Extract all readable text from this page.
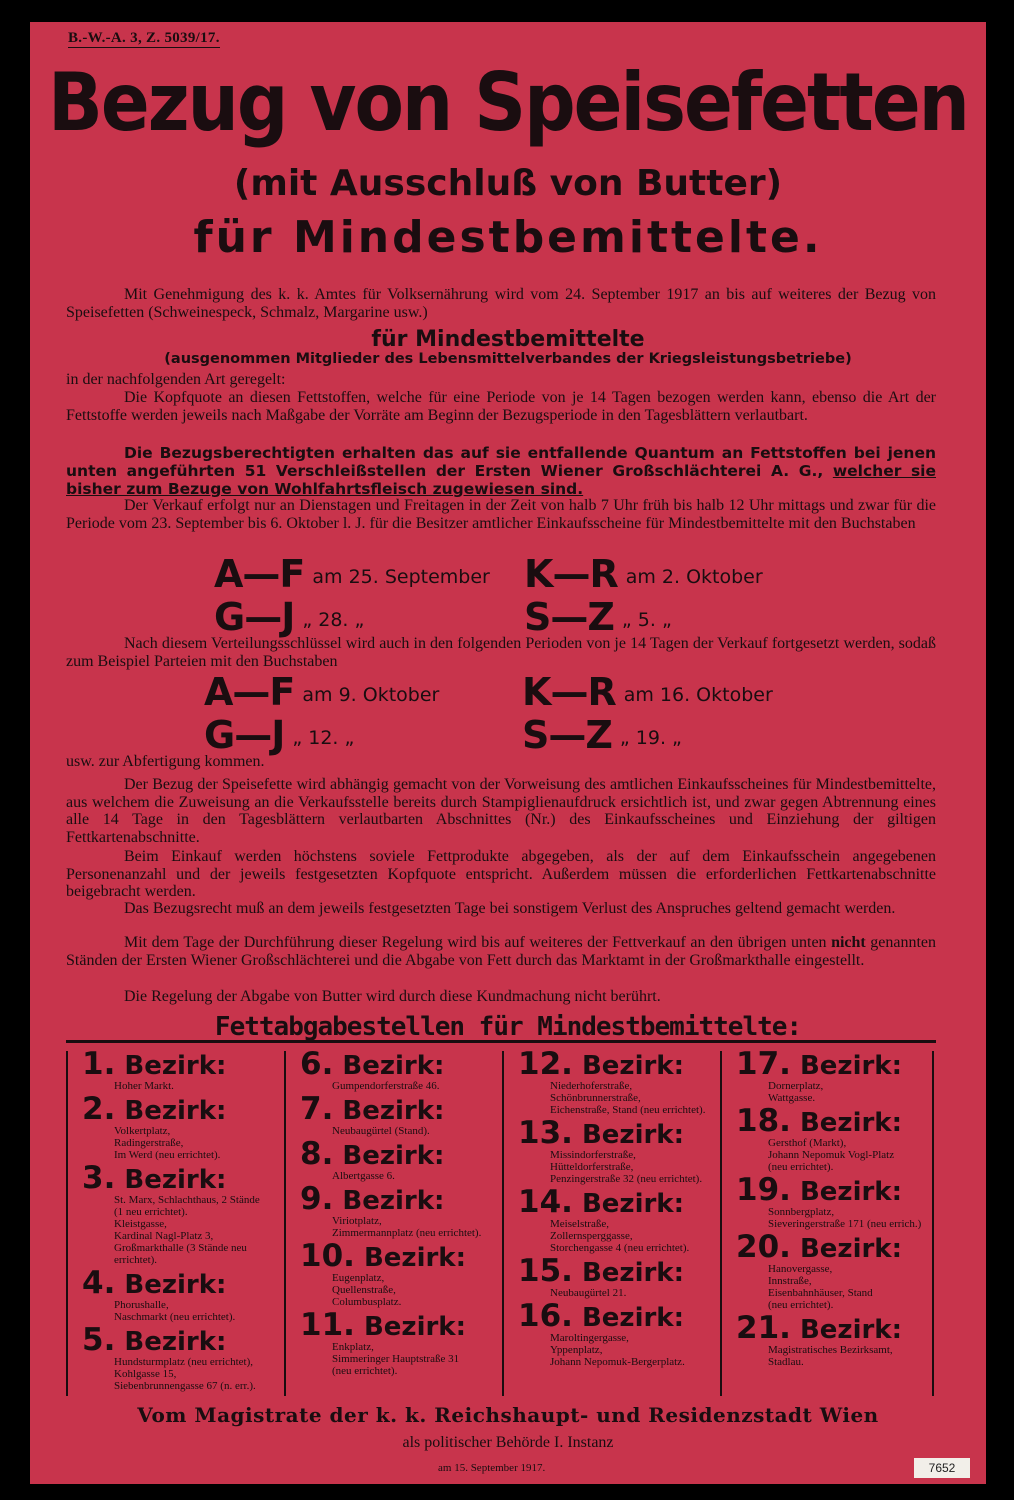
B.-W.-A. 3, Z. 5039/17.
Bezug von Speisefetten
(mit Ausschluß von Butter)
für Mindestbemittelte.
Mit Genehmigung des k. k. Amtes für Volksernährung wird vom 24. September 1917 an bis auf weiteres der Bezug von Speisefetten (Schweinespeck, Schmalz, Margarine usw.)
für Mindestbemittelte
(ausgenommen Mitglieder des Lebensmittelverbandes der Kriegsleistungsbetriebe)
in der nachfolgenden Art geregelt:
Die Kopfquote an diesen Fettstoffen, welche für eine Periode von je 14 Tagen bezogen werden kann, ebenso die Art der Fettstoffe werden jeweils nach Maßgabe der Vorräte am Beginn der Bezugsperiode in den Tagesblättern verlautbart.
Die Bezugsberechtigten erhalten das auf sie entfallende Quantum an Fettstoffen bei jenen unten angeführten 51 Verschleißstellen der Ersten Wiener Großschlächterei A. G., welcher sie bisher zum Bezuge von Wohlfahrtsfleisch zugewiesen sind.
Der Verkauf erfolgt nur an Dienstagen und Freitagen in der Zeit von halb 7 Uhr früh bis halb 12 Uhr mittags und zwar für die Periode vom 23. September bis 6. Oktober l. J. für die Besitzer amtlicher Einkaufsscheine für Mindestbemittelte mit den Buchstaben
A—F am 25. September
G—J „ 28. „
K—R am 2. Oktober
S—Z „ 5. „
Nach diesem Verteilungsschlüssel wird auch in den folgenden Perioden von je 14 Tagen der Verkauf fortgesetzt werden, sodaß zum Beispiel Parteien mit den Buchstaben
A—F am 9. Oktober
G—J „ 12. „
K—R am 16. Oktober
S—Z „ 19. „
usw. zur Abfertigung kommen.
Der Bezug der Speisefette wird abhängig gemacht von der Vorweisung des amtlichen Einkaufsscheines für Mindestbemittelte, aus welchem die Zuweisung an die Verkaufsstelle bereits durch Stampiglienaufdruck ersichtlich ist, und zwar gegen Abtrennung eines alle 14 Tage in den Tagesblättern verlautbarten Abschnittes (Nr.) des Einkaufsscheines und Einziehung der giltigen Fettkartenabschnitte.
Beim Einkauf werden höchstens soviele Fettprodukte abgegeben, als der auf dem Einkaufsschein angegebenen Personenanzahl und der jeweils festgesetzten Kopfquote entspricht. Außerdem müssen die erforderlichen Fettkartenabschnitte beigebracht werden.
Das Bezugsrecht muß an dem jeweils festgesetzten Tage bei sonstigem Verlust des Anspruches geltend gemacht werden.
Mit dem Tage der Durchführung dieser Regelung wird bis auf weiteres der Fettverkauf an den übrigen unten nicht genannten Ständen der Ersten Wiener Großschlächterei und die Abgabe von Fett durch das Marktamt in der Großmarkthalle eingestellt.
Die Regelung der Abgabe von Butter wird durch diese Kundmachung nicht berührt.
Fettabgabestellen für Mindestbemittelte:
1. Bezirk:
Hoher Markt.
2. Bezirk:
Volkertplatz,
Radingerstraße,
Im Werd (neu errichtet).
3. Bezirk:
St. Marx, Schlachthaus, 2 Stände
(1 neu errichtet).
Kleistgasse,
Kardinal Nagl-Platz 3,
Großmarkthalle (3 Stände neu errichtet).
4. Bezirk:
Phorushalle,
Naschmarkt (neu errichtet).
5. Bezirk:
Hundsturmplatz (neu errichtet),
Kohlgasse 15,
Siebenbrunnengasse 67 (n. err.).
6. Bezirk:
Gumpendorferstraße 46.
7. Bezirk:
Neubaugürtel (Stand).
8. Bezirk:
Albertgasse 6.
9. Bezirk:
Viriotplatz,
Zimmermannplatz (neu errichtet).
10. Bezirk:
Eugenplatz,
Quellenstraße,
Columbusplatz.
11. Bezirk:
Enkplatz,
Simmeringer Hauptstraße 31
(neu errichtet).
12. Bezirk:
Niederhoferstraße,
Schönbrunnerstraße,
Eichenstraße, Stand (neu errichtet).
13. Bezirk:
Missindorferstraße,
Hütteldorferstraße,
Penzingerstraße 32 (neu errichtet).
14. Bezirk:
Meiselstraße,
Zollernsperggasse,
Storchengasse 4 (neu errichtet).
15. Bezirk:
Neubaugürtel 21.
16. Bezirk:
Maroltingergasse,
Yppenplatz,
Johann Nepomuk-Bergerplatz.
17. Bezirk:
Dornerplatz,
Wattgasse.
18. Bezirk:
Gersthof (Markt),
Johann Nepomuk Vogl-Platz
(neu errichtet).
19. Bezirk:
Sonnbergplatz,
Sieveringerstraße 171 (neu errich.)
20. Bezirk:
Hanovergasse,
Innstraße,
Eisenbahnhäuser, Stand
(neu errichtet).
21. Bezirk:
Magistratisches Bezirksamt,
Stadlau.
Vom Magistrate der k. k. Reichshaupt- und Residenzstadt Wien
als politischer Behörde I. Instanz
am 15. September 1917.	7652
